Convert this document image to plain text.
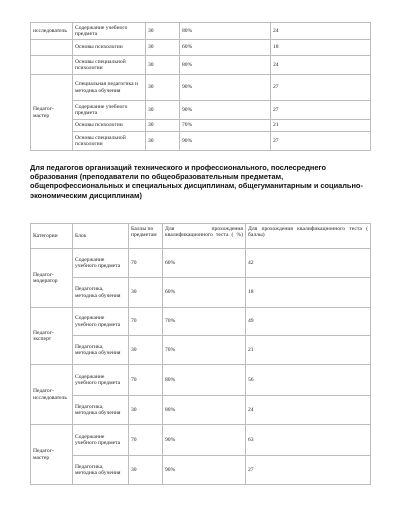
исследователь	Содержание учебного предмета	30	80%	24
	Основы психологии	30	60%	18
	Основы специальной психологии	30	80%	24
Педагог-мастер	Специальная педагогика и методика обучения	30	90%	27
	Содержание учебного предмета	30	90%	27
	Основы психологии	30	70%	21
	Основы специальной психологии	30	90%	27

Для педагогов организаций технического и профессионального, послесреднего образования (преподаватели по общеобразовательным предметам, общепрофессиональных и специальных дисциплинам, общегуманитарным и социально-экономическим дисциплинам)

Категории	Блок	Баллы по предметам	Для прохождения квалификационного теста ( %)	Для прохождения квалификационного теста ( баллы)
Педагог-модератор	Содержание учебного предмета	70	60%	42
	Педагогика, методика обучения	30	60%	18
Педагог-эксперт	Содержание учебного предмета	70	70%	49
	Педагогика, методика обучения	30	70%	21
Педагог-исследователь	Содержание учебного предмета	70	80%	56
	Педагогика, методика обучения	30	80%	24
Педагог-мастер	Содержание учебного предмета	70	90%	63
	Педагогика, методика обучения	30	90%	27
